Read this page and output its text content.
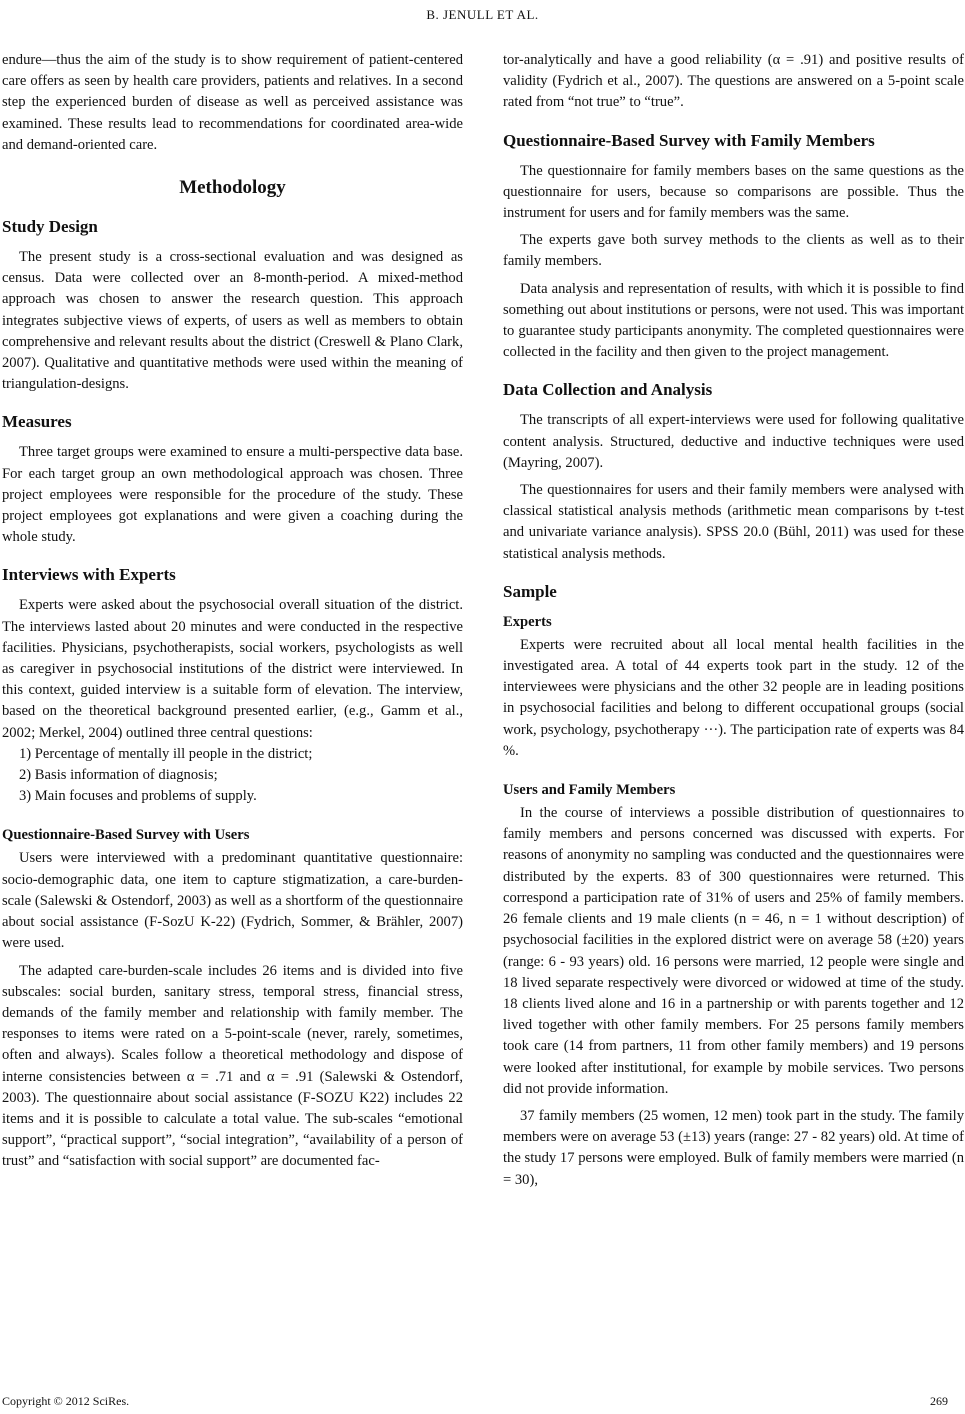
B. JENULL ET AL.

endure—thus the aim of the study is to show requirement of patient-centered care offers as seen by health care providers, patients and relatives. In a second step the experienced burden of disease as well as perceived assistance was examined. These results lead to recommendations for coordinated area-wide and demand-oriented care.

Methodology
Study Design

The present study is a cross-sectional evaluation and was designed as census. Data were collected over an 8-month-period. A mixed-method approach was chosen to answer the research question. This approach integrates subjective views of experts, of users as well as members to obtain comprehensive and relevant results about the district (Creswell & Plano Clark, 2007). Qualitative and quantitative methods were used within the meaning of triangulation-designs.

Measures

Three target groups were examined to ensure a multi-perspective data base. For each target group an own methodological approach was chosen. Three project employees were responsible for the procedure of the study. These project employees got explanations and were given a coaching during the whole study.

Interviews with Experts

Experts were asked about the psychosocial overall situation of the district. The interviews lasted about 20 minutes and were conducted in the respective facilities. Physicians, psychotherapists, social workers, psychologists as well as caregiver in psychosocial institutions of the district were interviewed. In this context, guided interview is a suitable form of elevation. The interview, based on the theoretical background presented earlier, (e.g., Gamm et al., 2002; Merkel, 2004) outlined three central questions:

1) Percentage of mentally ill people in the district;
2) Basis information of diagnosis;
3) Main focuses and problems of supply.
Questionnaire-Based Survey with Users

Users were interviewed with a predominant quantitative questionnaire: socio-demographic data, one item to capture stigmatization, a care-burden-scale (Salewski & Ostendorf, 2003) as well as a shortform of the questionnaire about social assistance (F-SozU K-22) (Fydrich, Sommer, & Brähler, 2007) were used.

The adapted care-burden-scale includes 26 items and is divided into five subscales: social burden, sanitary stress, temporal stress, financial stress, demands of the family member and relationship with family member. The responses to items were rated on a 5-point-scale (never, rarely, sometimes, often and always). Scales follow a theoretical methodology and dispose of interne consistencies between α = .71 and α = .91 (Salewski & Ostendorf, 2003). The questionnaire about social assistance (F-SOZU K22) includes 22 items and it is possible to calculate a total value. The sub-scales “emotional support”, “practical support”, “social integration”, “availability of a person of trust” and “satisfaction with social support” are documented fac-

tor-analytically and have a good reliability (α = .91) and positive results of validity (Fydrich et al., 2007). The questions are answered on a 5-point scale rated from “not true” to “true”.

Questionnaire-Based Survey with Family Members

The questionnaire for family members bases on the same questions as the questionnaire for users, because so comparisons are possible. Thus the instrument for users and for family members was the same.

The experts gave both survey methods to the clients as well as to their family members.

Data analysis and representation of results, with which it is possible to find something out about institutions or persons, were not used. This was important to guarantee study participants anonymity. The completed questionnaires were collected in the facility and then given to the project management.

Data Collection and Analysis

The transcripts of all expert-interviews were used for following qualitative content analysis. Structured, deductive and inductive techniques were used (Mayring, 2007).

The questionnaires for users and their family members were analysed with classical statistical analysis methods (arithmetic mean comparisons by t-test and univariate variance analysis). SPSS 20.0 (Bühl, 2011) was used for these statistical analysis methods.

Sample
Experts

Experts were recruited about all local mental health facilities in the investigated area. A total of 44 experts took part in the study. 12 of the interviewees were physicians and the other 32 people are in leading positions in psychosocial facilities and belong to different occupational groups (social work, psychology, psychotherapy ···). The participation rate of experts was 84 %.

Users and Family Members

In the course of interviews a possible distribution of questionnaires to family members and persons concerned was discussed with experts. For reasons of anonymity no sampling was conducted and the questionnaires were distributed by the experts. 83 of 300 questionnaires were returned. This correspond a participation rate of 31% of users and 25% of family members. 26 female clients and 19 male clients (n = 46, n = 1 without description) of psychosocial facilities in the explored district were on average 58 (±20) years (range: 6 - 93 years) old. 16 persons were married, 12 people were single and 18 lived separate respectively were divorced or widowed at time of the study. 18 clients lived alone and 16 in a partnership or with parents together and 12 lived together with other family members. For 25 persons family members took care (14 from partners, 11 from other family members) and 19 persons were looked after institutional, for example by mobile services. Two persons did not provide information.

37 family members (25 women, 12 men) took part in the study. The family members were on average 53 (±13) years (range: 27 - 82 years) old. At time of the study 17 persons were employed. Bulk of family members were married (n = 30),

Copyright © 2012 SciRes.	269
